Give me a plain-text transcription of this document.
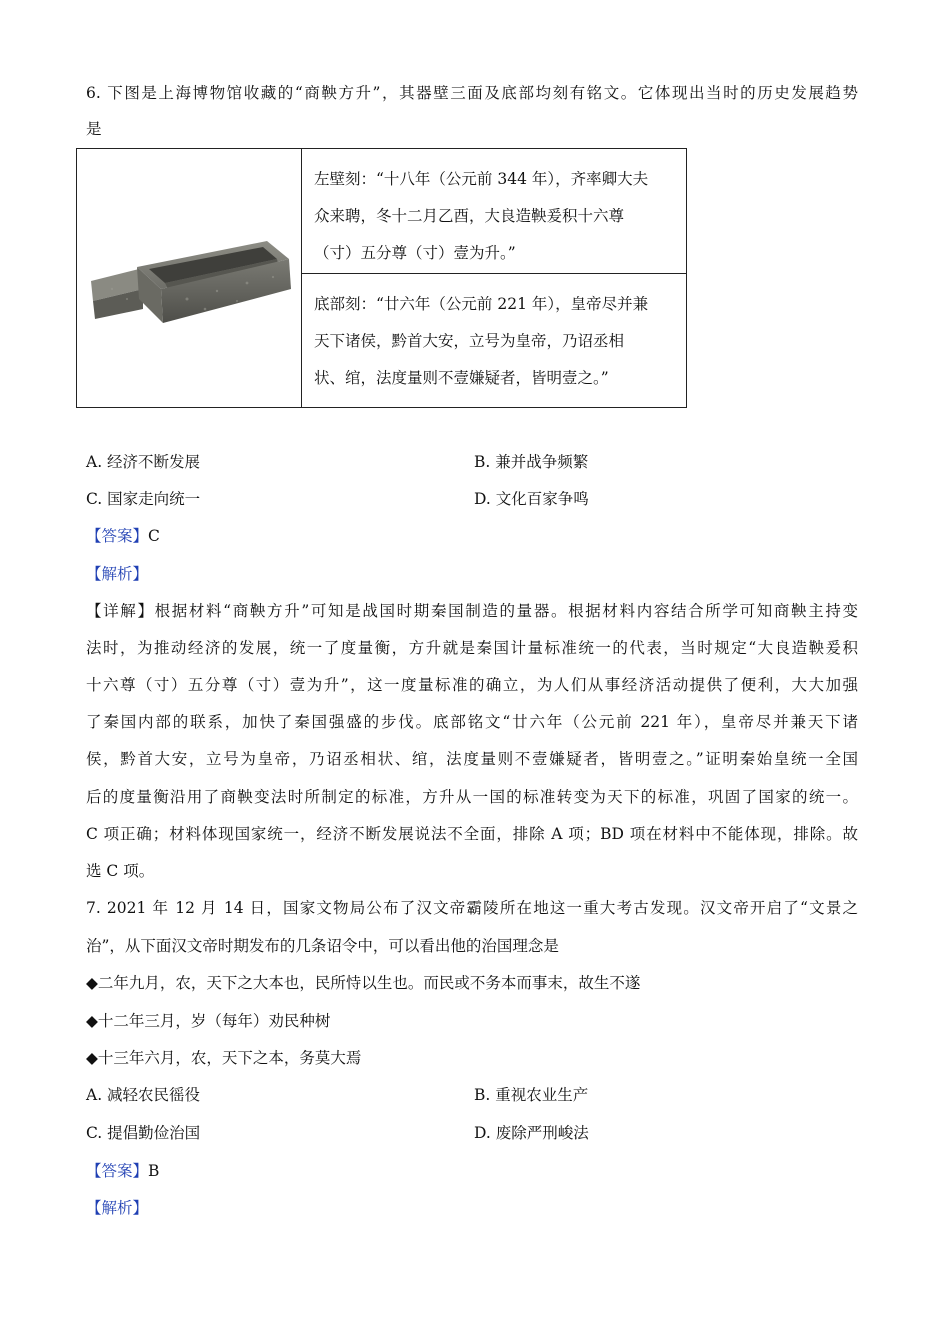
6. 下图是上海博物馆收藏的“商鞅方升”，其器壁三面及底部均刻有铭文。它体现出当时的历史发展趋势
是

左壁刻：“十八年（公元前 344 年），齐率卿大夫
众来聘，冬十二月乙酉，大良造鞅爰积十六尊
（寸）五分尊（寸）壹为升。”

底部刻：“廿六年（公元前 221 年），皇帝尽并兼
天下诸侯，黔首大安，立号为皇帝，乃诏丞相
状、绾，法度量则不壹嫌疑者，皆明壹之。”
A. 经济不断发展	B. 兼并战争频繁
C. 国家走向统一	D. 文化百家争鸣
【答案】C
【解析】
【详解】根据材料“商鞅方升”可知是战国时期秦国制造的量器。根据材料内容结合所学可知商鞅主持变
法时，为推动经济的发展，统一了度量衡，方升就是秦国计量标准统一的代表，当时规定“大良造鞅爰积
十六尊（寸）五分尊（寸）壹为升”，这一度量标准的确立，为人们从事经济活动提供了便利，大大加强
了秦国内部的联系，加快了秦国强盛的步伐。底部铭文“廿六年（公元前 221 年），皇帝尽并兼天下诸
侯，黔首大安，立号为皇帝，乃诏丞相状、绾，法度量则不壹嫌疑者，皆明壹之。”证明秦始皇统一全国
后的度量衡沿用了商鞅变法时所制定的标准，方升从一国的标准转变为天下的标准，巩固了国家的统一。
C 项正确；材料体现国家统一，经济不断发展说法不全面，排除 A 项；BD 项在材料中不能体现，排除。故
选 C 项。
7. 2021 年 12 月 14 日，国家文物局公布了汉文帝霸陵所在地这一重大考古发现。汉文帝开启了“文景之
治”，从下面汉文帝时期发布的几条诏令中，可以看出他的治国理念是
◆二年九月，农，天下之大本也，民所恃以生也。而民或不务本而事末，故生不遂
◆十二年三月，岁（每年）劝民种树
◆十三年六月，农，天下之本，务莫大焉
A. 减轻农民徭役	B. 重视农业生产
C. 提倡勤俭治国	D. 废除严刑峻法
【答案】B
【解析】
